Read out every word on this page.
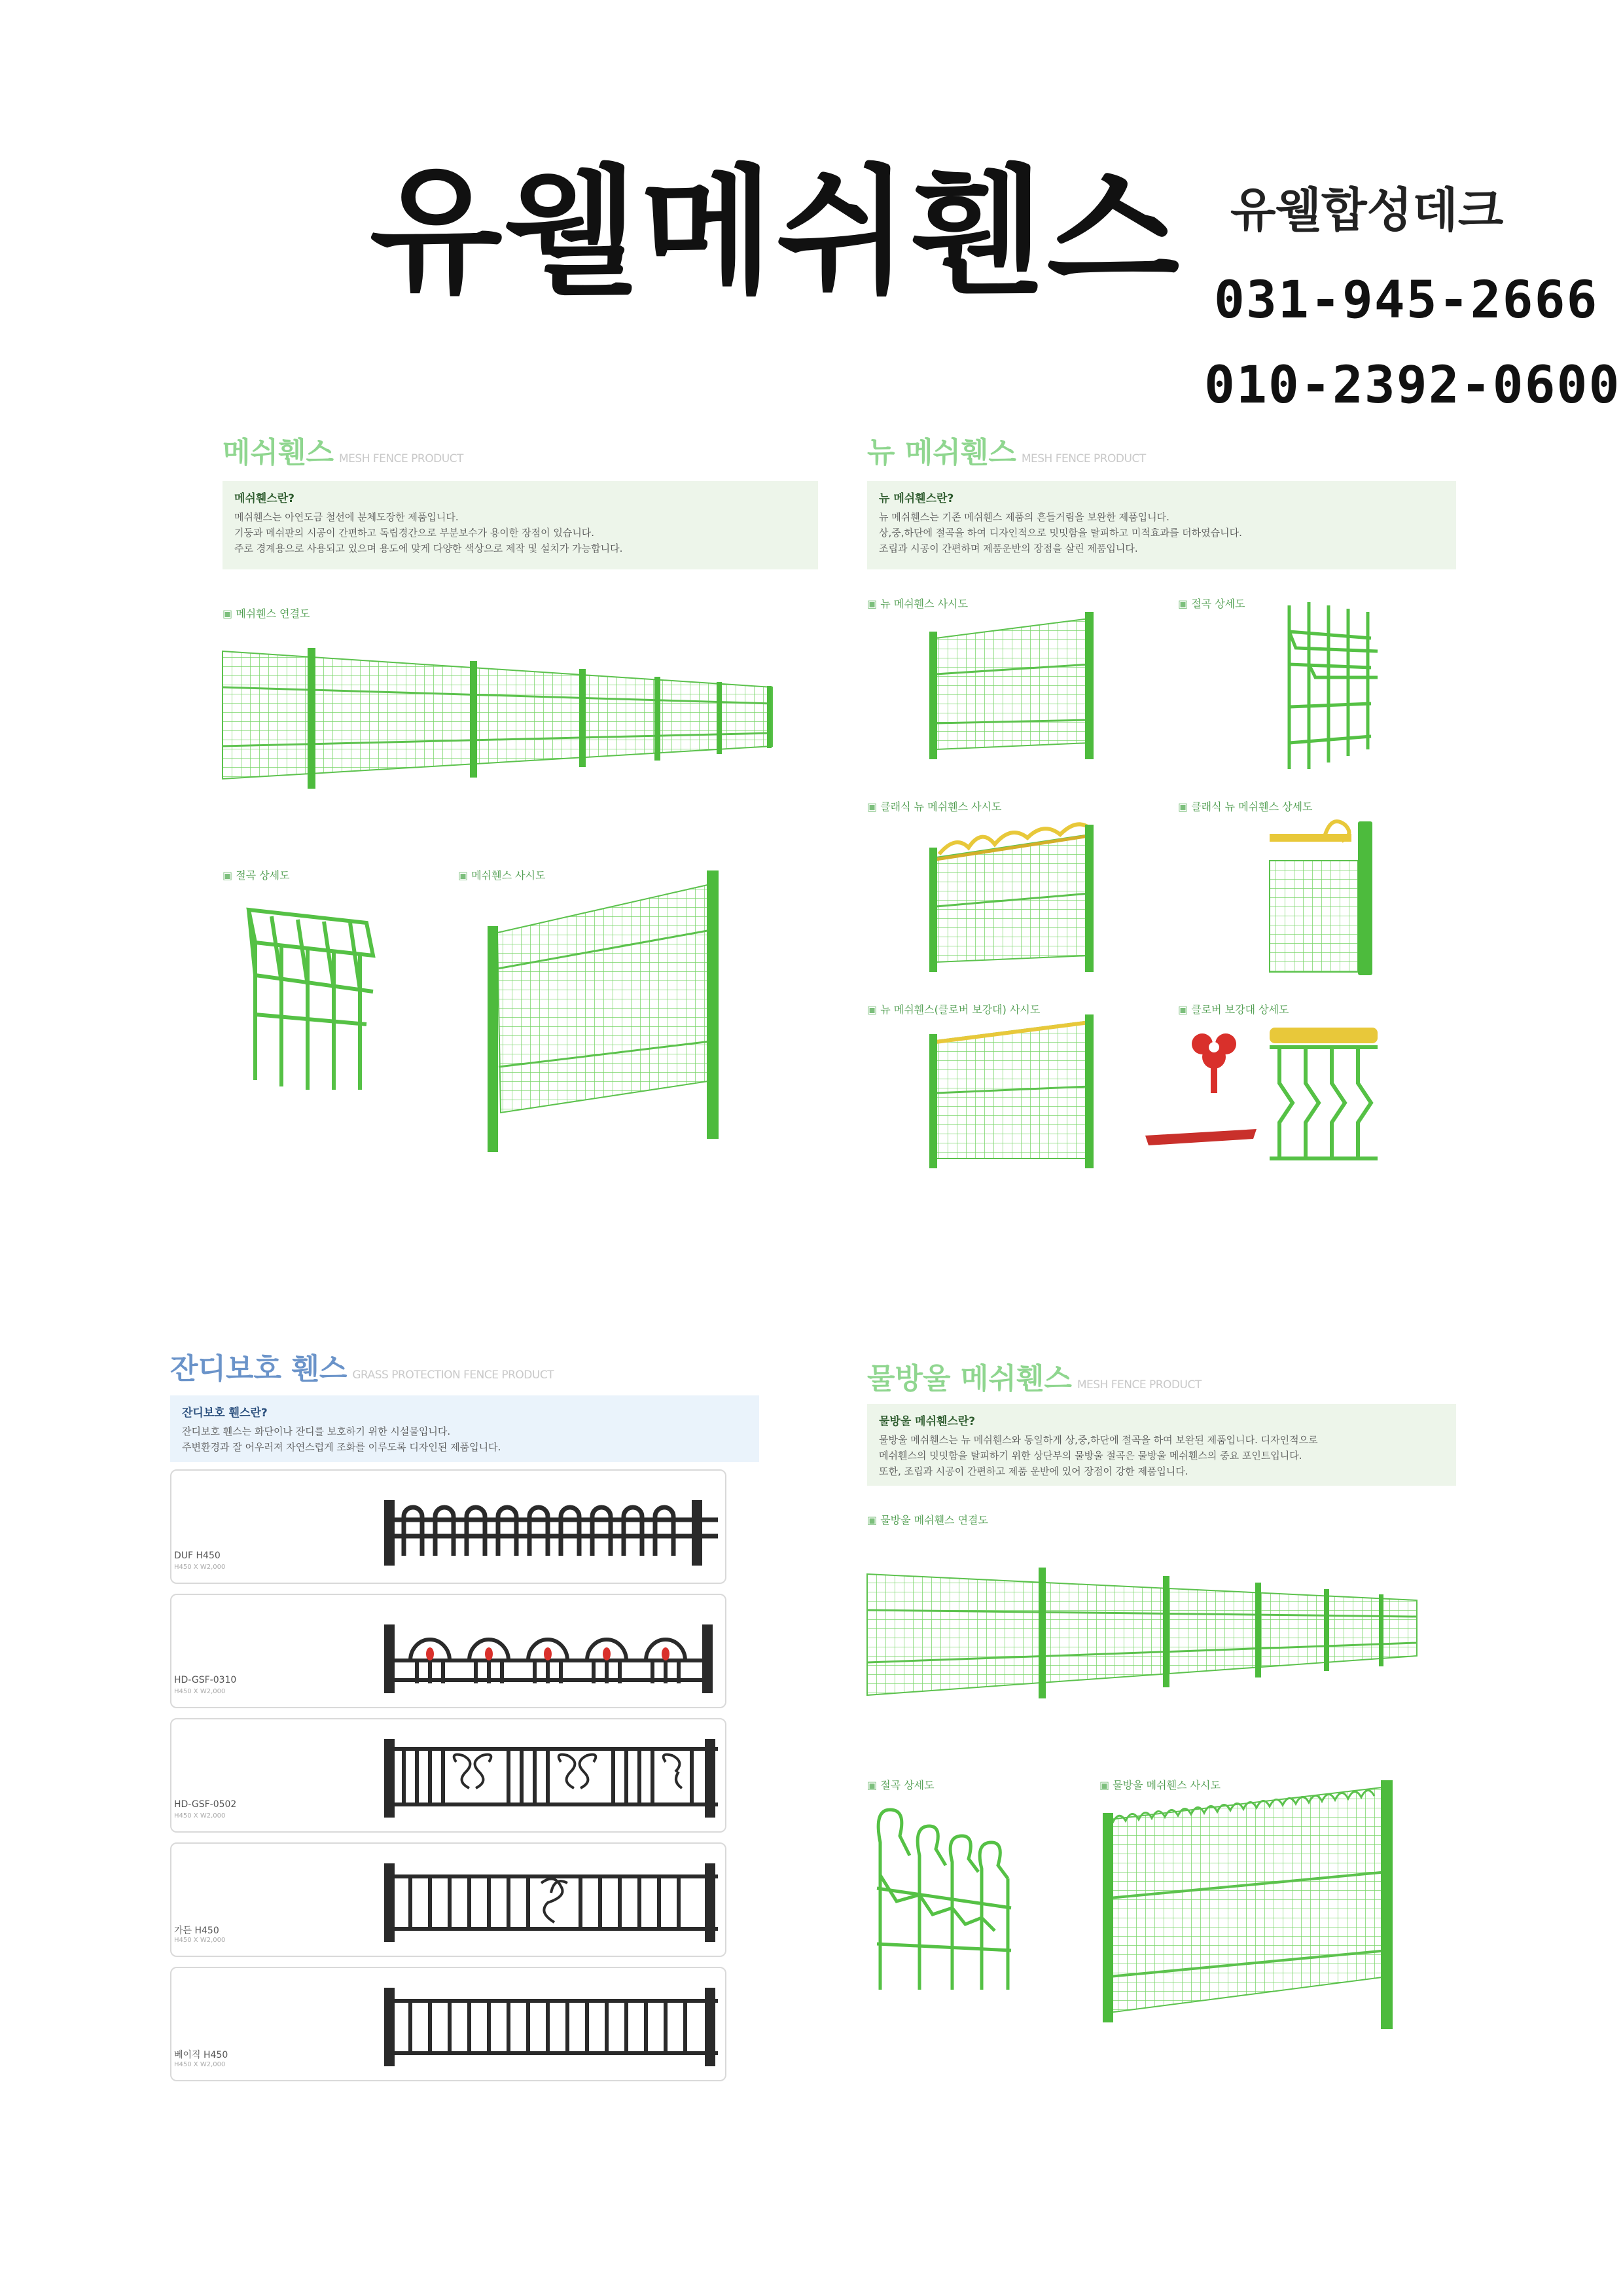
유웰메쉬휀스 유웰합성데크
031-945-2666
010-2392-0600
메쉬휀스 MESH FENCE PRODUCT
메쉬휀스란?
메쉬휀스는 아연도금 철선에 분체도장한 제품입니다.
기둥과 메쉬판의 시공이 간편하고 독립경간으로 부분보수가 용이한 장점이 있습니다.
주로 경계용으로 사용되고 있으며 용도에 맞게 다양한 색상으로 제작 및 설치가 가능합니다.
▣ 메쉬휀스 연결도
▣ 절곡 상세도	▣ 메쉬휀스 사시도
뉴 메쉬휀스 MESH FENCE PRODUCT
뉴 메쉬휀스란?
뉴 메쉬휀스는 기존 메쉬휀스 제품의 흔들거림을 보완한 제품입니다.
상,중,하단에 절곡을 하여 디자인적으로 밋밋함을 탈피하고 미적효과를 더하였습니다.
조립과 시공이 간편하며 제품운반의 장점을 살린 제품입니다.
▣ 뉴 메쉬휀스 사시도	▣ 절곡 상세도
▣ 클래식 뉴 메쉬휀스 사시도	▣ 클래식 뉴 메쉬휀스 상세도
▣ 뉴 메쉬휀스(클로버 보강대) 사시도	▣ 클로버 보강대 상세도
잔디보호 휀스 GRASS PROTECTION FENCE PRODUCT
잔디보호 휀스란?
잔디보호 휀스는 화단이나 잔디를 보호하기 위한 시설물입니다.
주변환경과 잘 어우러져 자연스럽게 조화를 이루도록 디자인된 제품입니다.
DUF H450
H450 X W2,000
HD-GSF-0310
H450 X W2,000
HD-GSF-0502
H450 X W2,000
가든 H450
H450 X W2,000
베이직 H450
H450 X W2,000
물방울 메쉬휀스 MESH FENCE PRODUCT
물방울 메쉬휀스란?
물방울 메쉬휀스는 뉴 메쉬휀스와 동일하게 상,중,하단에 절곡을 하여 보완된 제품입니다. 디자인적으로
메쉬휀스의 밋밋함을 탈피하기 위한 상단부의 물방울 절곡은 물방울 메쉬휀스의 중요 포인트입니다.
또한, 조립과 시공이 간편하고 제품 운반에 있어 장점이 강한 제품입니다.
▣ 물방울 메쉬휀스 연결도
▣ 절곡 상세도	▣ 물방울 메쉬휀스 사시도
